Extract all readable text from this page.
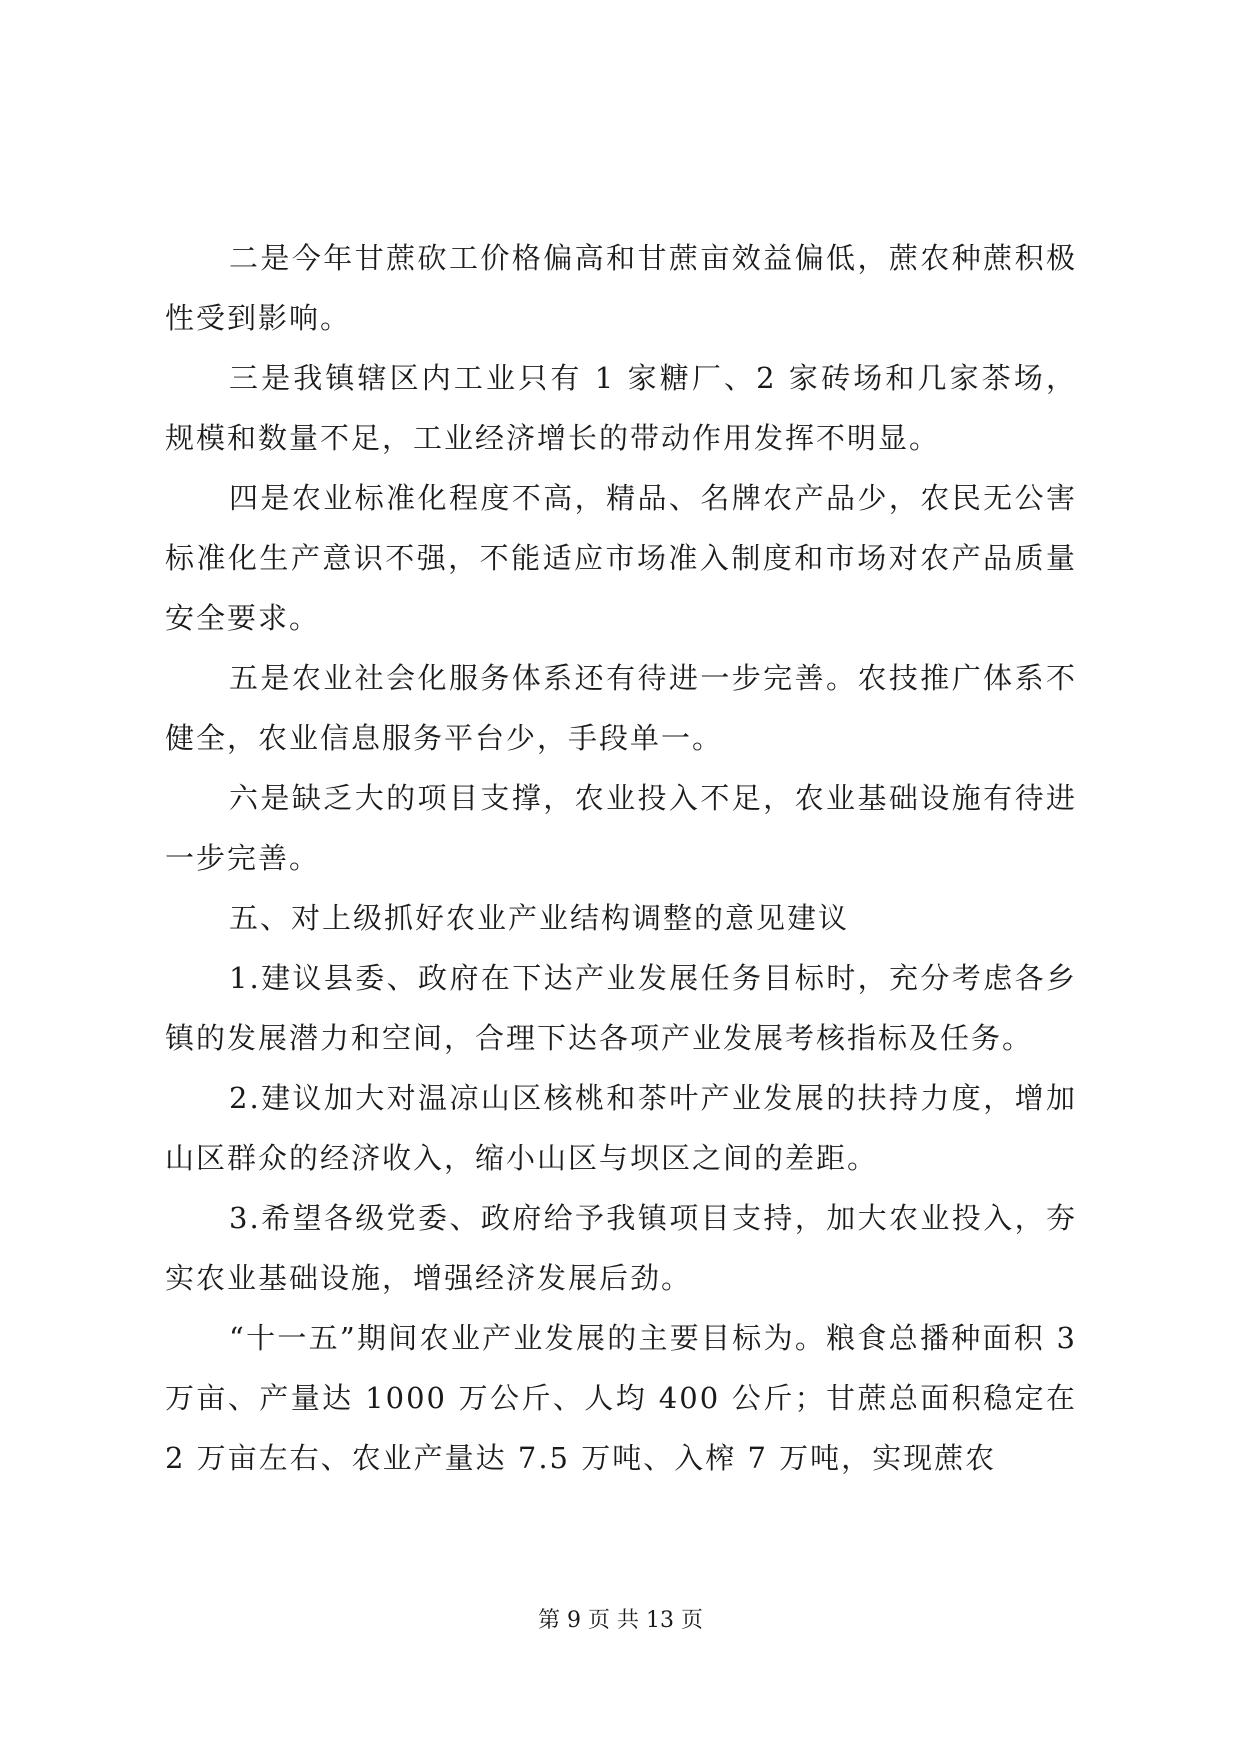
二是今年甘蔗砍工价格偏高和甘蔗亩效益偏低，蔗农种蔗积极性受到影响。

三是我镇辖区内工业只有 1 家糖厂、2 家砖场和几家茶场，规模和数量不足，工业经济增长的带动作用发挥不明显。

四是农业标准化程度不高，精品、名牌农产品少，农民无公害标准化生产意识不强，不能适应市场准入制度和市场对农产品质量安全要求。

五是农业社会化服务体系还有待进一步完善。农技推广体系不健全，农业信息服务平台少，手段单一。

六是缺乏大的项目支撑，农业投入不足，农业基础设施有待进一步完善。

五、对上级抓好农业产业结构调整的意见建议

1.建议县委、政府在下达产业发展任务目标时，充分考虑各乡镇的发展潜力和空间，合理下达各项产业发展考核指标及任务。

2.建议加大对温凉山区核桃和茶叶产业发展的扶持力度，增加山区群众的经济收入，缩小山区与坝区之间的差距。

3.希望各级党委、政府给予我镇项目支持，加大农业投入，夯实农业基础设施，增强经济发展后劲。

“十一五”期间农业产业发展的主要目标为。粮食总播种面积 3 万亩、产量达 1000 万公斤、人均 400 公斤；甘蔗总面积稳定在 2 万亩左右、农业产量达 7.5 万吨、入榨 7 万吨，实现蔗农

第 9 页 共 13 页
